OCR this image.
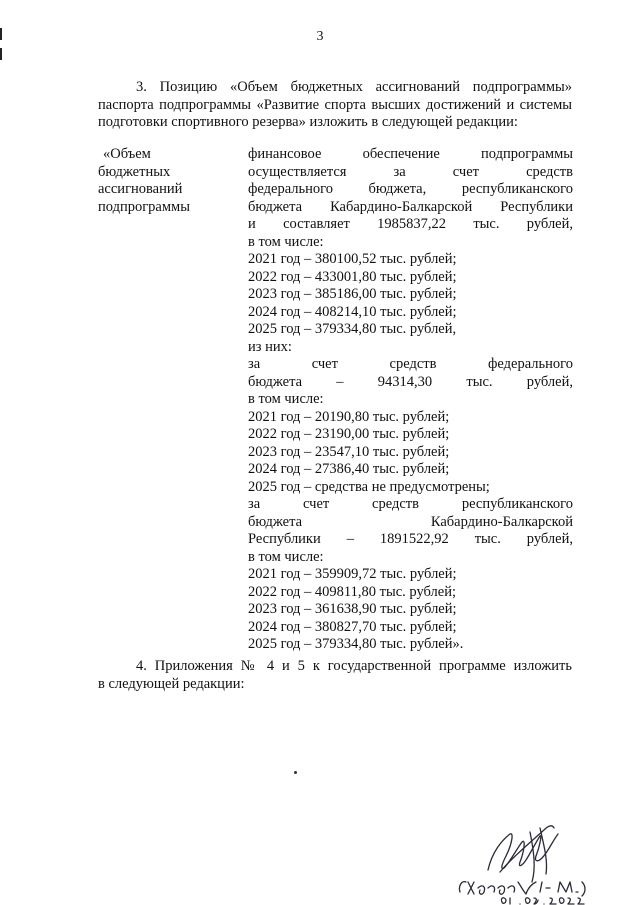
3
3. Позицию «Объем бюджетных ассигнований подпрограммы»
паспорта подпрограммы «Развитие спорта высших достижений и системы
подготовки спортивного резерва» изложить в следующей редакции:
«Объем
бюджетных
ассигнований
подпрограммы
финансовое обеспечение подпрограммы
осуществляется за счет средств
федерального бюджета, республиканского
бюджета Кабардино-Балкарской Республики
и составляет 1985837,22 тыс. рублей,
в том числе:
2021 год – 380100,52 тыс. рублей;
2022 год – 433001,80 тыс. рублей;
2023 год – 385186,00 тыс. рублей;
2024 год – 408214,10 тыс. рублей;
2025 год – 379334,80 тыс. рублей,
из них:
за счет средств федерального
бюджета – 94314,30 тыс. рублей,
в том числе:
2021 год – 20190,80 тыс. рублей;
2022 год – 23190,00 тыс. рублей;
2023 год – 23547,10 тыс. рублей;
2024 год – 27386,40 тыс. рублей;
2025 год – средства не предусмотрены;
за счет средств республиканского
бюджета Кабардино-Балкарской
Республики – 1891522,92 тыс. рублей,
в том числе:
2021 год – 359909,72 тыс. рублей;
2022 год – 409811,80 тыс. рублей;
2023 год – 361638,90 тыс. рублей;
2024 год – 380827,70 тыс. рублей;
2025 год – 379334,80 тыс. рублей».
4. Приложения № 4 и 5 к государственной программе изложить
в следующей редакции:
